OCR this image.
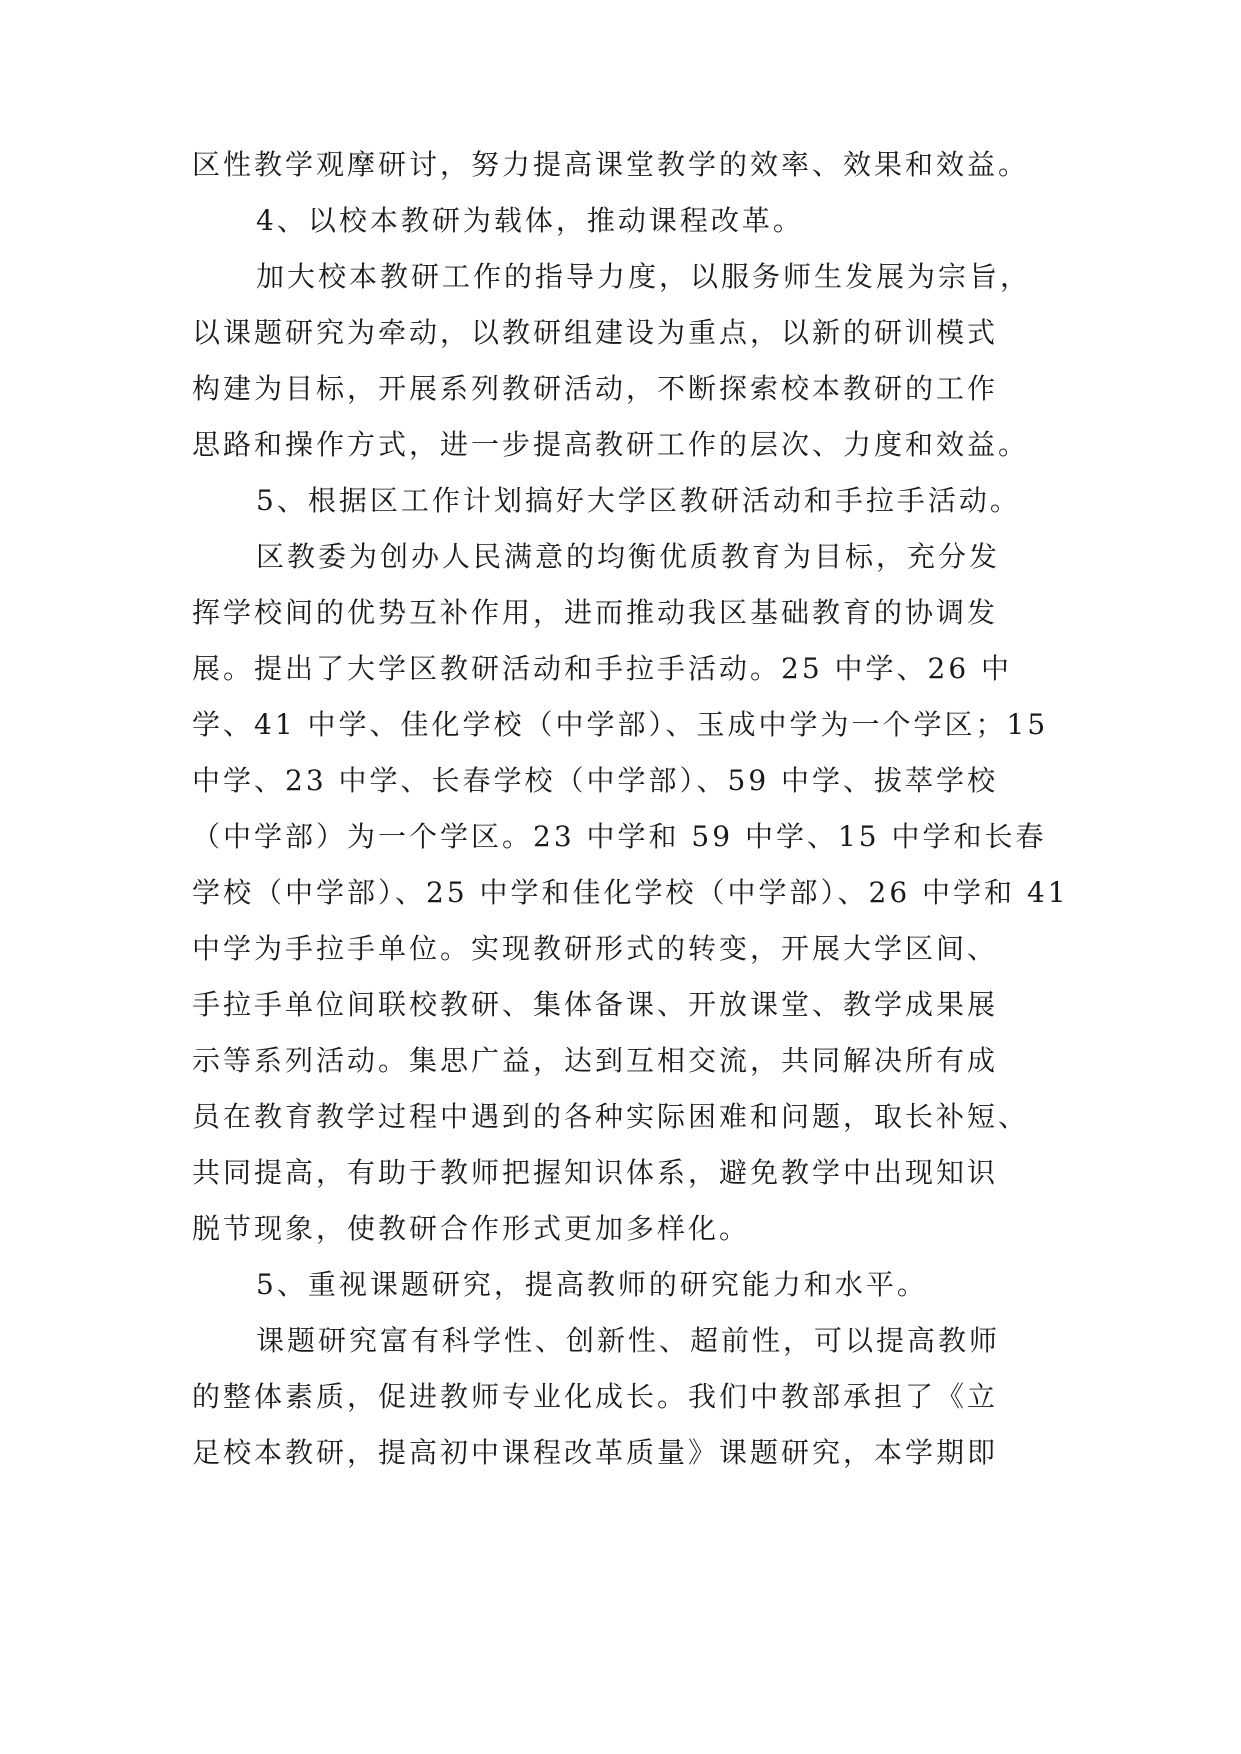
区性教学观摩研讨，努力提高课堂教学的效率、效果和效益。

4、以校本教研为载体，推动课程改革。

加大校本教研工作的指导力度，以服务师生发展为宗旨，

以课题研究为牵动，以教研组建设为重点，以新的研训模式

构建为目标，开展系列教研活动，不断探索校本教研的工作

思路和操作方式，进一步提高教研工作的层次、力度和效益。

5、根据区工作计划搞好大学区教研活动和手拉手活动。

区教委为创办人民满意的均衡优质教育为目标，充分发

挥学校间的优势互补作用，进而推动我区基础教育的协调发

展。提出了大学区教研活动和手拉手活动。25 中学、26 中

学、41 中学、佳化学校（中学部）、玉成中学为一个学区；15

中学、23 中学、长春学校（中学部）、59 中学、拔萃学校

（中学部）为一个学区。23 中学和 59 中学、15 中学和长春

学校（中学部）、25 中学和佳化学校（中学部）、26 中学和 41

中学为手拉手单位。实现教研形式的转变，开展大学区间、

手拉手单位间联校教研、集体备课、开放课堂、教学成果展

示等系列活动。集思广益，达到互相交流，共同解决所有成

员在教育教学过程中遇到的各种实际困难和问题，取长补短、

共同提高，有助于教师把握知识体系，避免教学中出现知识

脱节现象，使教研合作形式更加多样化。

5、重视课题研究，提高教师的研究能力和水平。

课题研究富有科学性、创新性、超前性，可以提高教师

的整体素质，促进教师专业化成长。我们中教部承担了《立

足校本教研，提高初中课程改革质量》课题研究，本学期即
